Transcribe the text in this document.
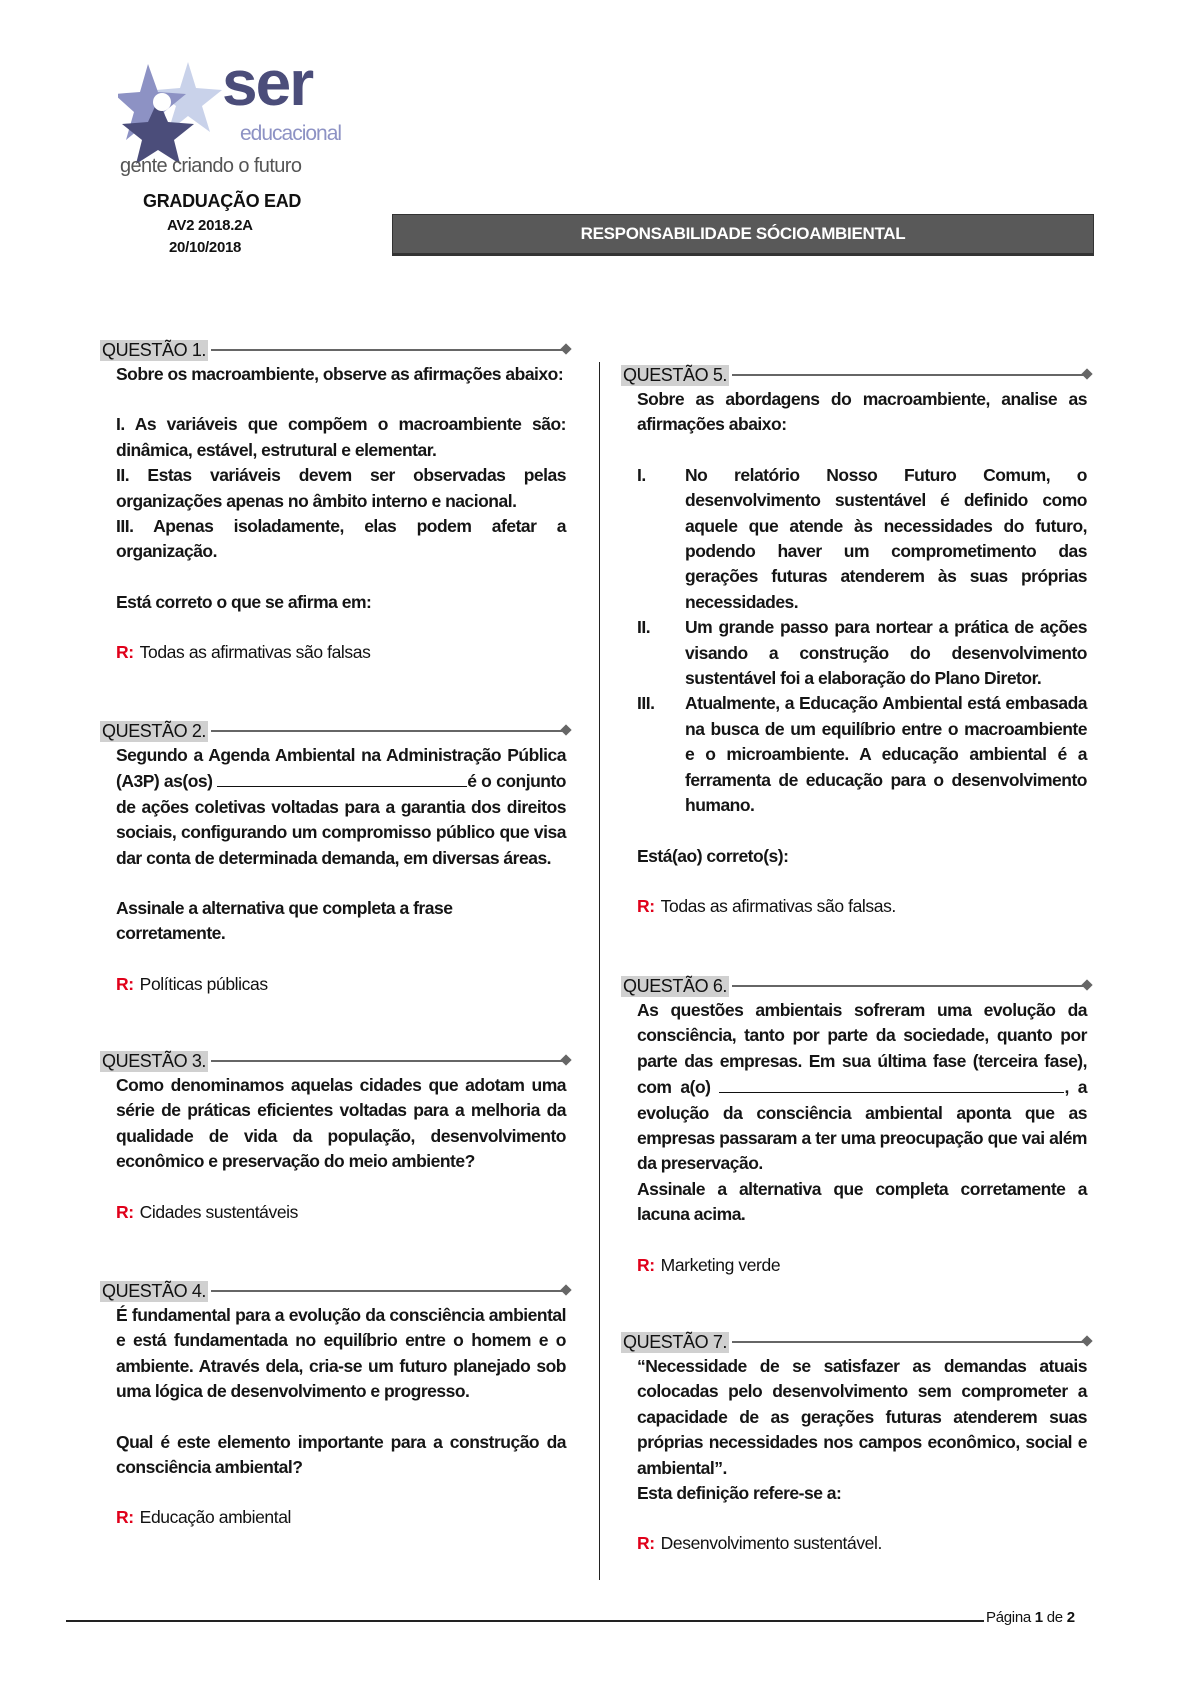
ser
educacional
gente criando o futuro
GRADUAÇÃO EAD
AV2 2018.2A
20/10/2018
RESPONSABILIDADE SÓCIOAMBIENTAL
QUESTÃO 1.

Sobre os macroambiente, observe as afirmações abaixo:

I. As variáveis que compõem o macroambiente são: dinâmica, estável, estrutural e elementar.

II. Estas variáveis devem ser observadas pelas organizações apenas no âmbito interno e nacional.

III. Apenas isoladamente, elas podem afetar a organização.

Está correto o que se afirma em:

R: Todas as afirmativas são falsas
QUESTÃO 2.

Segundo a Agenda Ambiental na Administração Pública (A3P) as(os)	é o conjunto de ações coletivas voltadas para a garantia dos direitos sociais, configurando um compromisso público que visa dar conta de determinada demanda, em diversas áreas.

Assinale a alternativa que completa a frase corretamente.

R: Políticas públicas
QUESTÃO 3.

Como denominamos aquelas cidades que adotam uma série de práticas eficientes voltadas para a melhoria da qualidade de vida da população, desenvolvimento econômico e preservação do meio ambiente?

R: Cidades sustentáveis
QUESTÃO 4.

É fundamental para a evolução da consciência ambiental e está fundamentada no equilíbrio entre o homem e o ambiente. Através dela, cria-se um futuro planejado sob uma lógica de desenvolvimento e progresso.

Qual é este elemento importante para a construção da consciência ambiental?

R: Educação ambiental
QUESTÃO 5.

Sobre as abordagens do macroambiente, analise as afirmações abaixo:

I.	No relatório Nosso Futuro Comum, o desenvolvimento sustentável é definido como aquele que atende às necessidades do futuro, podendo haver um comprometimento das gerações futuras atenderem às suas próprias necessidades.
II.	Um grande passo para nortear a prática de ações visando a construção do desenvolvimento sustentável foi a elaboração do Plano Diretor.
III.	Atualmente, a Educação Ambiental está embasada na busca de um equilíbrio entre o macroambiente e o microambiente. A educação ambiental é a ferramenta de educação para o desenvolvimento humano.

Está(ao) correto(s):

R: Todas as afirmativas são falsas.
QUESTÃO 6.

As questões ambientais sofreram uma evolução da consciência, tanto por parte da sociedade, quanto por parte das empresas. Em sua última fase (terceira fase), com a(o)	, a evolução da consciência ambiental aponta que as empresas passaram a ter uma preocupação que vai além da preservação.

Assinale a alternativa que completa corretamente a lacuna acima.

R: Marketing verde
QUESTÃO 7.

“Necessidade de se satisfazer as demandas atuais colocadas pelo desenvolvimento sem comprometer a capacidade de as gerações futuras atenderem suas próprias necessidades nos campos econômico, social e ambiental”.

Esta definição refere-se a:

R: Desenvolvimento sustentável.
Página 1 de 2
